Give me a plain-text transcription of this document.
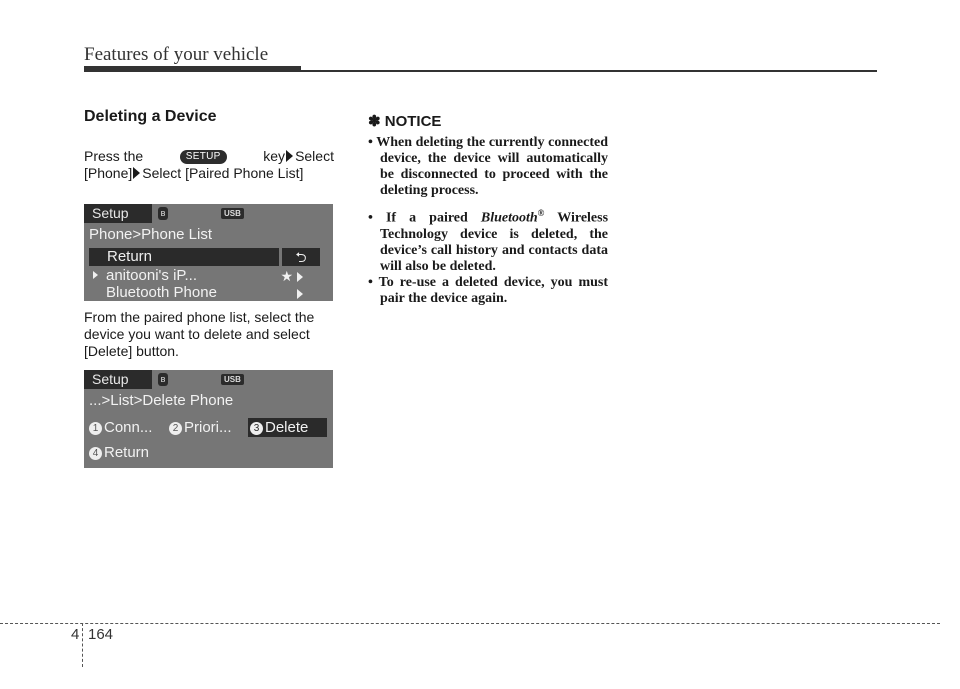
Features of your vehicle
Deleting a Device
Press the	SETUP	key Select
[Phone] Select [Paired Phone List]
Setup	ʙ	USB
Phone>Phone List
Return	⮌
anitooni's iP...	★
Bluetooth Phone
From the paired phone list, select the device you want to delete and select [Delete] button.
Setup	ʙ	USB
...>List>Delete Phone
1 Conn...	2 Priori...	3 Delete
4 Return
✽ NOTICE
• When deleting the currently connected device, the device will automatically be disconnected to proceed with the deleting process.
• If a paired Bluetooth® Wireless Technology device is deleted, the device’s call history and contacts data will also be deleted.
• To re-use a deleted device, you must pair the device again.
4 164
